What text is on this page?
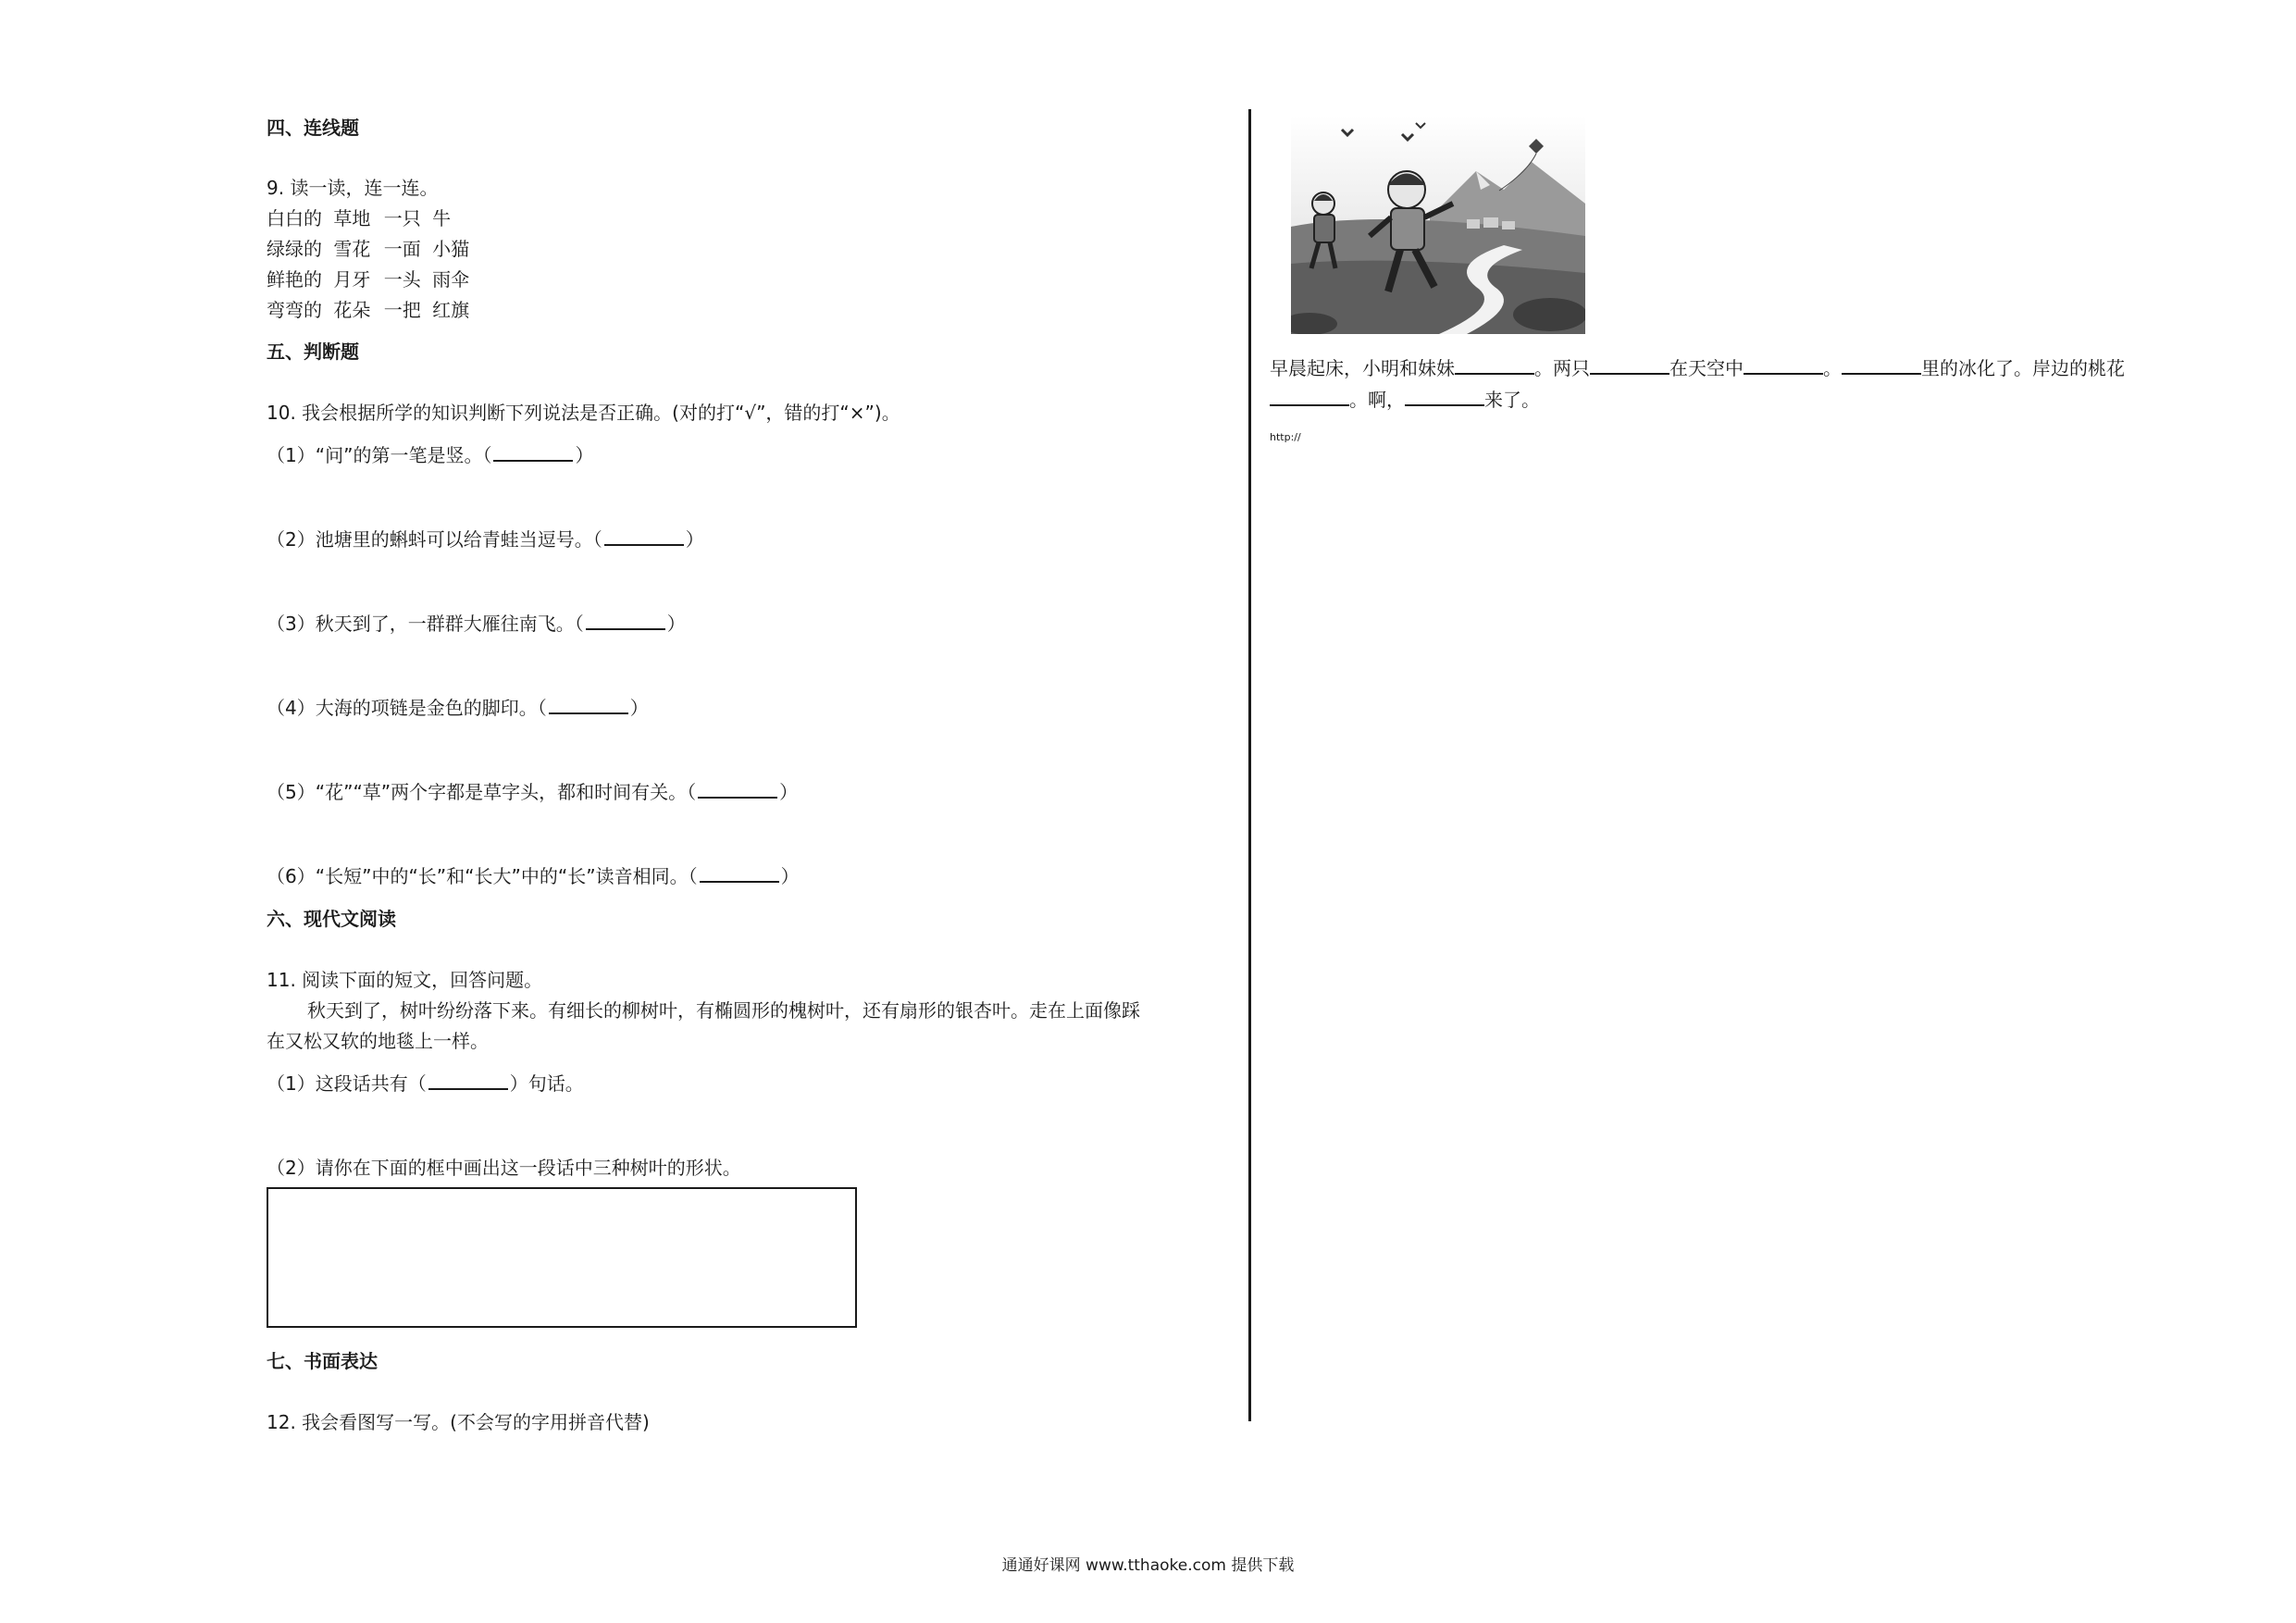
四、连线题
9. 读一读，连一连。
白白的 草地 一只 牛
绿绿的 雪花 一面 小猫
鲜艳的 月牙 一头 雨伞
弯弯的 花朵 一把 红旗
五、判断题
10. 我会根据所学的知识判断下列说法是否正确。(对的打“√”，错的打“×”)。
（1）“问”的第一笔是竖。（	）
（2）池塘里的蝌蚪可以给青蛙当逗号。（	）
（3）秋天到了，一群群大雁往南飞。（	）
（4）大海的项链是金色的脚印。（	）
（5）“花”“草”两个字都是草字头，都和时间有关。（	）
（6）“长短”中的“长”和“长大”中的“长”读音相同。（	）
六、现代文阅读
11. 阅读下面的短文，回答问题。
秋天到了，树叶纷纷落下来。有细长的柳树叶，有椭圆形的槐树叶，还有扇形的银杏叶。走在上面像踩
在又松又软的地毯上一样。
（1）这段话共有（	）句话。
（2）请你在下面的框中画出这一段话中三种树叶的形状。
七、书面表达
12. 我会看图写一写。(不会写的字用拼音代替)
早晨起床，小明和妹妹	。两只	在天空中	。	里的冰化了。岸边的桃花
。啊，	来了。
http://
通通好课网 www.tthaoke.com 提供下载
